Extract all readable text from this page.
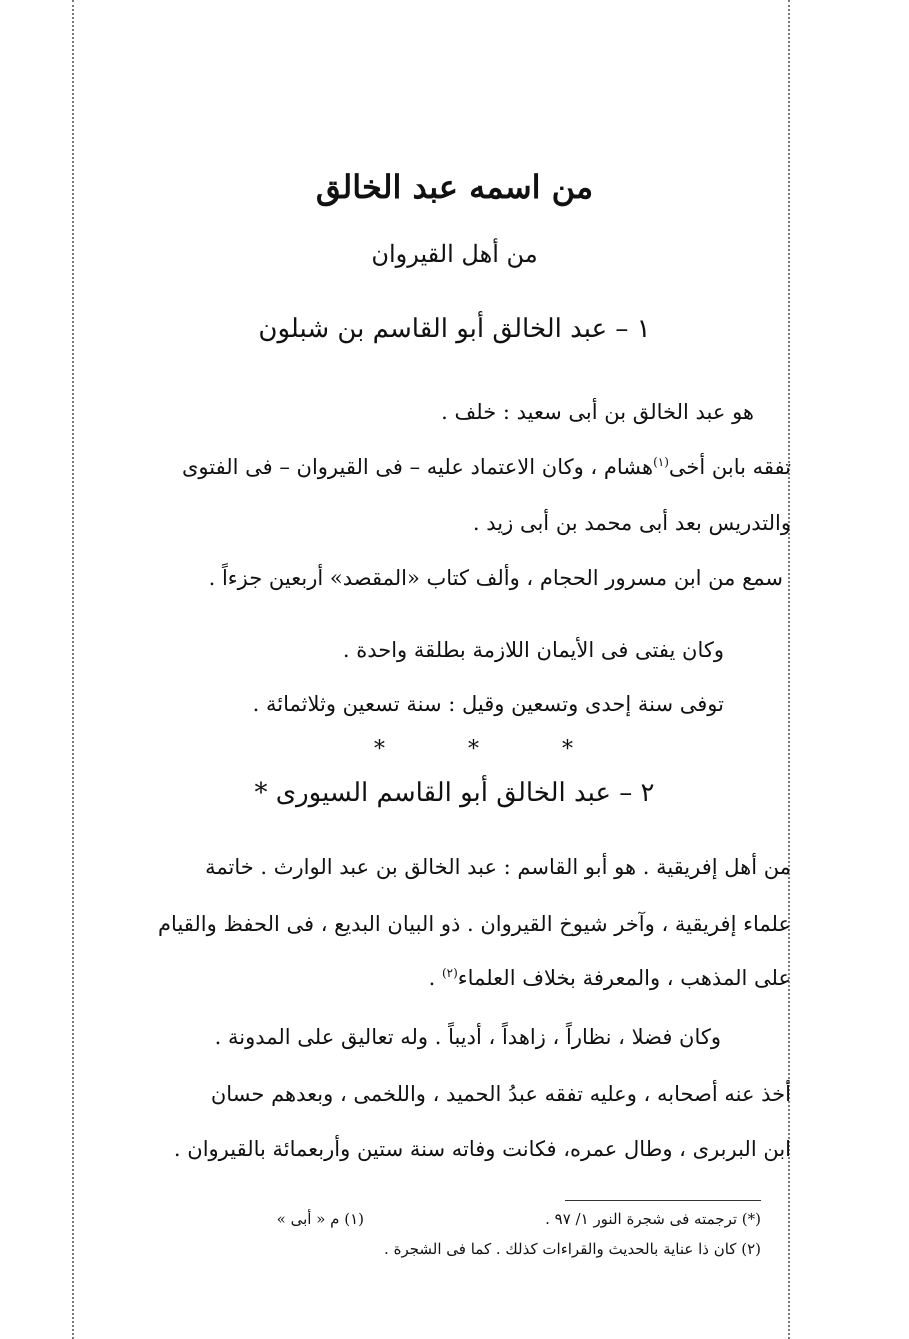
من اسمه عبد الخالق
من أهل القيروان
١ – عبد الخالق أبو القاسم بن شبلون
هو عبد الخالق بن أبى سعيد : خلف .
تفقه بابن أخى$^{(١)}$هشام ، وكان الاعتماد عليه – فى القيروان – فى الفتوى
والتدريس بعد أبى محمد بن أبى زيد .
سمع من ابن مسرور الحجام ، وألف كتاب «المقصد» أربعين جزءاً .
وكان يفتى فى الأيمان اللازمة بطلقة واحدة .
توفى سنة إحدى وتسعين وقيل : سنة تسعين وثلاثمائة .
* * *
٢ – عبد الخالق أبو القاسم السيورى *
من أهل إفريقية . هو أبو القاسم : عبد الخالق بن عبد الوارث . خاتمة
علماء إفريقية ، وآخر شيوخ القيروان . ذو البيان البديع ، فى الحفظ والقيام
على المذهب ، والمعرفة بخلاف العلماء$^{(٢)}$ .
وكان فضلا ، نظاراً ، زاهداً ، أديباً . وله تعاليق على المدونة .
أخذ عنه أصحابه ، وعليه تفقه عبدُ الحميد ، واللخمى ، وبعدهم حسان
ابن البربرى ، وطال عمره، فكانت وفاته سنة ستين وأربعمائة بالقيروان .
(*) ترجمته فى شجرة النور ١/ ٩٧ .
(١) م « أبى »
(٢) كان ذا عناية بالحديث والقراءات كذلك . كما فى الشجرة .
